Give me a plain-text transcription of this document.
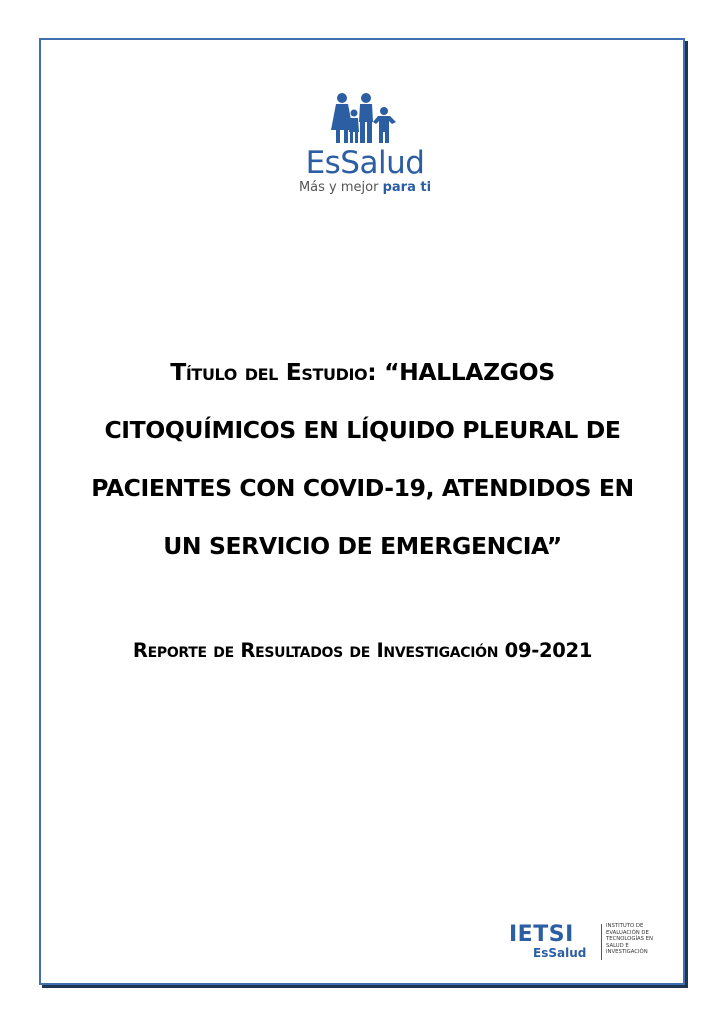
EsSalud
Más y mejor para ti
Título del Estudio: “HALLAZGOS
CITOQUÍMICOS EN LÍQUIDO PLEURAL DE
PACIENTES CON COVID-19, ATENDIDOS EN
UN SERVICIO DE EMERGENCIA”
Reporte de Resultados de Investigación 09-2021
IETSI
EsSalud
INSTITUTO DE
EVALUACIÓN DE
TECNOLOGÍAS EN
SALUD E
INVESTIGACIÓN
